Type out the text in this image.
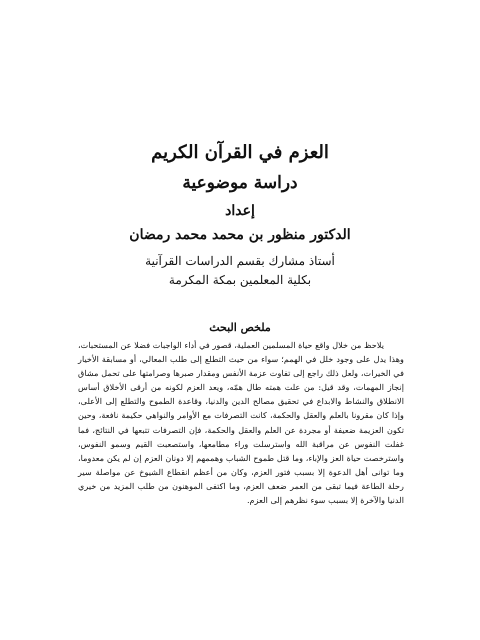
العزم في القرآن الكريم

دراسة موضوعية

إعداد

الدكتور منظور بن محمد محمد رمضان

أستاذ مشارك بقسم الدراسات القرآنية

بكلية المعلمين بمكة المكرمة

ملخص البحث
يلاحظ من خلال واقع حياة المسلمين العملية، قصور في أداء الواجبات فضلا عن المستحبات، وهذا يدل على وجود خلل في الهمم؛ سواء من حيث التطلع إلى طلب المعالي، أو مسابقة الأخيار في الخيرات، ولعل ذلك راجع إلى تفاوت عزمة الأنفس ومقدار صبرها وصرامتها على تحمل مشاق إنجاز المهمات، وقد قيل: من علت همته طال همّه، ويعد العزم لكونه من أرقى الأخلاق أساس الانطلاق والنشاط والابداع في تحقيق مصالح الدين والدنيا، وقاعدة الطموح والتطلع إلى الأعلى، وإذا كان مقرونا بالعلم والعقل والحكمة، كانت التصرفات مع الأوامر والنواهي حكيمة نافعة، وحين تكون العزيمة ضعيفة أو مجردة عن العلم والعقل والحكمة، فإن التصرفات تتبعها في النتائج، فما غفلت النفوس عن مراقبة الله واسترسلت وراء مطامعها، واستصعبت القيم وسمو النفوس، واسترخصت حياة العز والإباء، وما قتل طموح الشباب وهممهم إلا دونان العزم إن لم يكن معدوما، وما توانى أهل الدعوة إلا بسبب فتور العزم، وكان من أعظم انقطاع الشيوخ عن مواصلة سير رحلة الطاعة فيما تبقى من العمر ضعف العزم، وما اكتفى الموهنون من طلب المزيد من خيري الدنيا والآخرة إلا بسبب سوء نظرهم إلى العزم.
